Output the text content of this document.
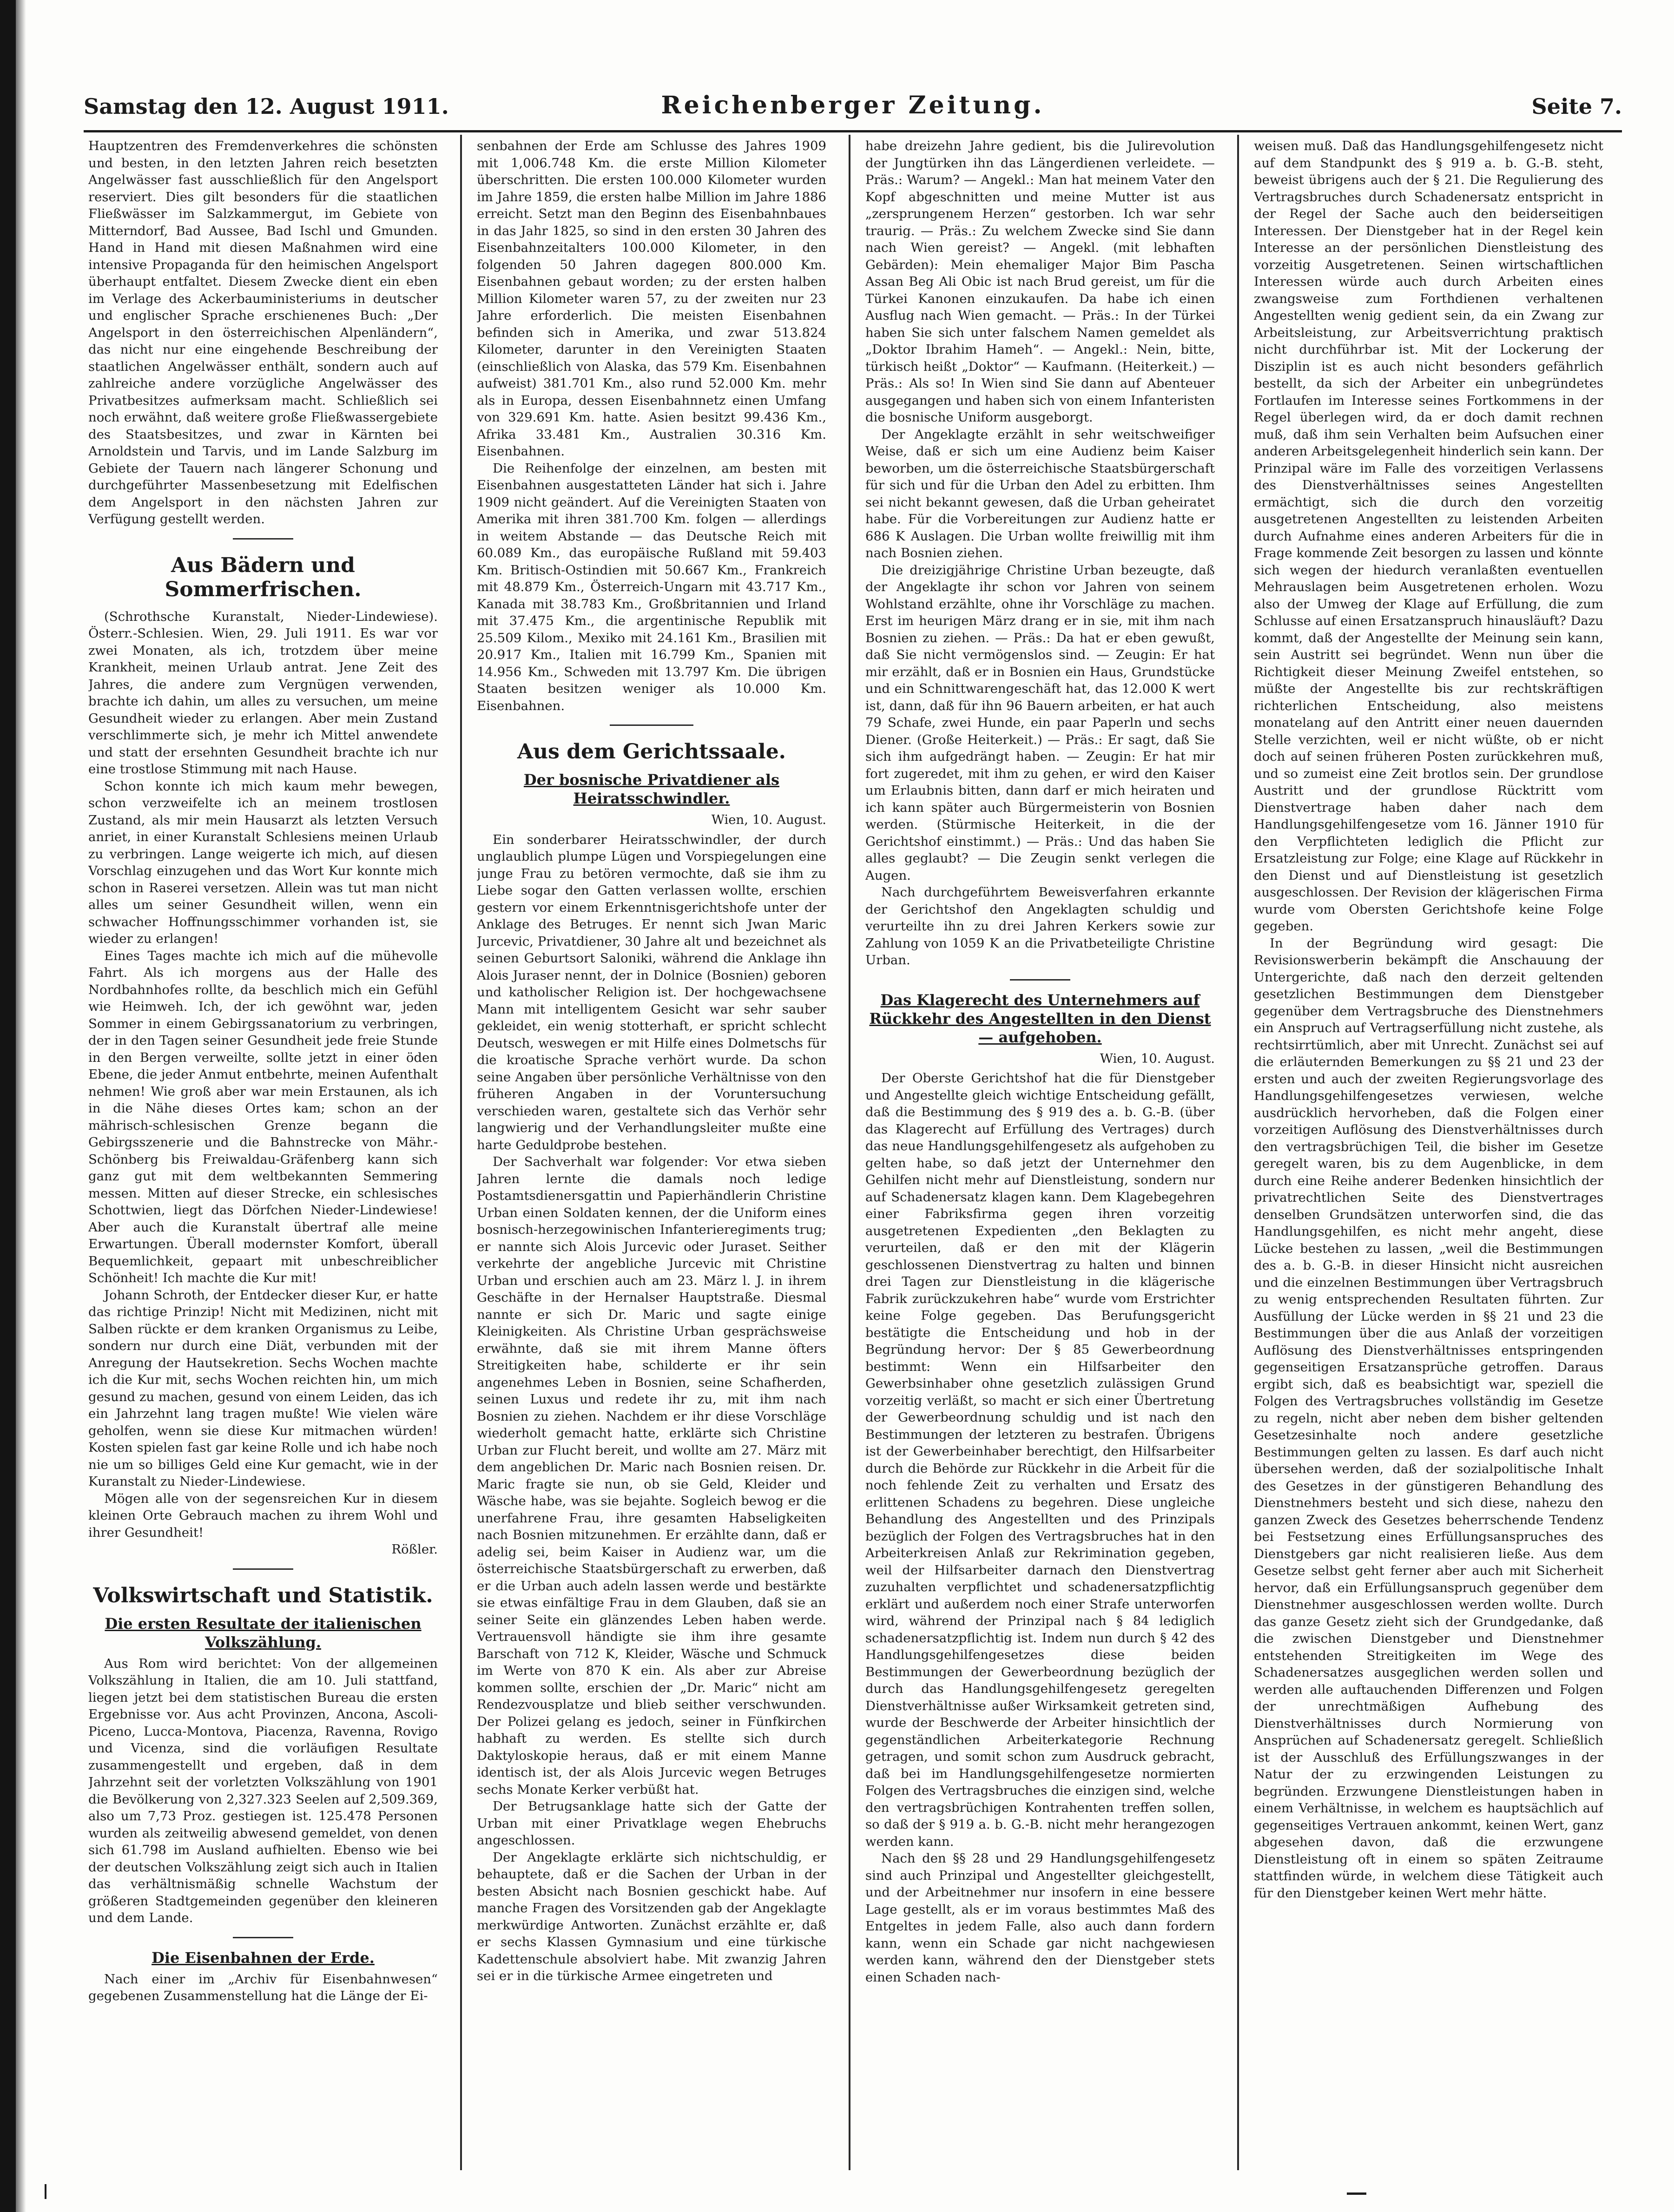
Samstag den 12. August 1911.	Reichenberger Zeitung.	Seite 7.

Hauptzentren des Fremdenverkehres die schönsten und besten, in den letzten Jahren reich besetzten Angelwässer fast ausschließlich für den Angelsport reserviert. Dies gilt besonders für die staatlichen Fließwässer im Salzkammergut, im Gebiete von Mitterndorf, Bad Aussee, Bad Ischl und Gmunden. Hand in Hand mit diesen Maßnahmen wird eine intensive Propaganda für den heimischen Angelsport überhaupt entfaltet. Diesem Zwecke dient ein eben im Verlage des Ackerbauministeriums in deutscher und englischer Sprache erschienenes Buch: „Der Angelsport in den österreichischen Alpenländern“, das nicht nur eine eingehende Beschreibung der staatlichen Angelwässer enthält, sondern auch auf zahlreiche andere vorzügliche Angelwässer des Privatbesitzes aufmerksam macht. Schließlich sei noch erwähnt, daß weitere große Fließwassergebiete des Staatsbesitzes, und zwar in Kärnten bei Arnoldstein und Tarvis, und im Lande Salzburg im Gebiete der Tauern nach längerer Schonung und durchgeführter Massenbesetzung mit Edelfischen dem Angelsport in den nächsten Jahren zur Verfügung gestellt werden.

Aus Bädern und Sommerfrischen.

(Schrothsche Kuranstalt, Nieder-Lindewiese). Österr.-Schlesien. Wien, 29. Juli 1911. Es war vor zwei Monaten, als ich, trotzdem über meine Krankheit, meinen Urlaub antrat. Jene Zeit des Jahres, die andere zum Vergnügen verwenden, brachte ich dahin, um alles zu versuchen, um meine Gesundheit wieder zu erlangen. Aber mein Zustand verschlimmerte sich, je mehr ich Mittel anwendete und statt der ersehnten Gesundheit brachte ich nur eine trostlose Stimmung mit nach Hause.

Schon konnte ich mich kaum mehr bewegen, schon verzweifelte ich an meinem trostlosen Zustand, als mir mein Hausarzt als letzten Versuch anriet, in einer Kuranstalt Schlesiens meinen Urlaub zu verbringen. Lange weigerte ich mich, auf diesen Vorschlag einzugehen und das Wort Kur konnte mich schon in Raserei versetzen. Allein was tut man nicht alles um seiner Gesundheit willen, wenn ein schwacher Hoffnungsschimmer vorhanden ist, sie wieder zu erlangen!

Eines Tages machte ich mich auf die mühevolle Fahrt. Als ich morgens aus der Halle des Nordbahnhofes rollte, da beschlich mich ein Gefühl wie Heimweh. Ich, der ich gewöhnt war, jeden Sommer in einem Gebirgssanatorium zu verbringen, der in den Tagen seiner Gesundheit jede freie Stunde in den Bergen verweilte, sollte jetzt in einer öden Ebene, die jeder Anmut entbehrte, meinen Aufenthalt nehmen! Wie groß aber war mein Erstaunen, als ich in die Nähe dieses Ortes kam; schon an der mährisch-schlesischen Grenze begann die Gebirgsszenerie und die Bahnstrecke von Mähr.-Schönberg bis Freiwaldau-Gräfenberg kann sich ganz gut mit dem weltbekannten Semmering messen. Mitten auf dieser Strecke, ein schlesisches Schottwien, liegt das Dörfchen Nieder-Lindewiese! Aber auch die Kuranstalt übertraf alle meine Erwartungen. Überall modernster Komfort, überall Bequemlichkeit, gepaart mit unbeschreiblicher Schönheit! Ich machte die Kur mit!

Johann Schroth, der Entdecker dieser Kur, er hatte das richtige Prinzip! Nicht mit Medizinen, nicht mit Salben rückte er dem kranken Organismus zu Leibe, sondern nur durch eine Diät, verbunden mit der Anregung der Hautsekretion. Sechs Wochen machte ich die Kur mit, sechs Wochen reichten hin, um mich gesund zu machen, gesund von einem Leiden, das ich ein Jahrzehnt lang tragen mußte! Wie vielen wäre geholfen, wenn sie diese Kur mitmachen würden! Kosten spielen fast gar keine Rolle und ich habe noch nie um so billiges Geld eine Kur gemacht, wie in der Kuranstalt zu Nieder-Lindewiese.

Mögen alle von der segensreichen Kur in diesem kleinen Orte Gebrauch machen zu ihrem Wohl und ihrer Gesundheit!

Rößler.

Volkswirtschaft und Statistik.
Die ersten Resultate der italienischen Volkszählung.

Aus Rom wird berichtet: Von der allgemeinen Volkszählung in Italien, die am 10. Juli stattfand, liegen jetzt bei dem statistischen Bureau die ersten Ergebnisse vor. Aus acht Provinzen, Ancona, Ascoli-Piceno, Lucca-Montova, Piacenza, Ravenna, Rovigo und Vicenza, sind die vorläufigen Resultate zusammengestellt und ergeben, daß in dem Jahrzehnt seit der vorletzten Volkszählung von 1901 die Bevölkerung von 2,327.323 Seelen auf 2,509.369, also um 7,73 Proz. gestiegen ist. 125.478 Personen wurden als zeitweilig abwesend gemeldet, von denen sich 61.798 im Ausland aufhielten. Ebenso wie bei der deutschen Volkszählung zeigt sich auch in Italien das verhältnismäßig schnelle Wachstum der größeren Stadtgemeinden gegenüber den kleineren und dem Lande.

Die Eisenbahnen der Erde.

Nach einer im „Archiv für Eisenbahnwesen“ gegebenen Zusammenstellung hat die Länge der Ei-

senbahnen der Erde am Schlusse des Jahres 1909 mit 1,006.748 Km. die erste Million Kilometer überschritten. Die ersten 100.000 Kilometer wurden im Jahre 1859, die ersten halbe Million im Jahre 1886 erreicht. Setzt man den Beginn des Eisenbahnbaues in das Jahr 1825, so sind in den ersten 30 Jahren des Eisenbahnzeitalters 100.000 Kilometer, in den folgenden 50 Jahren dagegen 800.000 Km. Eisenbahnen gebaut worden; zu der ersten halben Million Kilometer waren 57, zu der zweiten nur 23 Jahre erforderlich. Die meisten Eisenbahnen befinden sich in Amerika, und zwar 513.824 Kilometer, darunter in den Vereinigten Staaten (einschließlich von Alaska, das 579 Km. Eisenbahnen aufweist) 381.701 Km., also rund 52.000 Km. mehr als in Europa, dessen Eisenbahnnetz einen Umfang von 329.691 Km. hatte. Asien besitzt 99.436 Km., Afrika 33.481 Km., Australien 30.316 Km. Eisenbahnen.

Die Reihenfolge der einzelnen, am besten mit Eisenbahnen ausgestatteten Länder hat sich i. Jahre 1909 nicht geändert. Auf die Vereinigten Staaten von Amerika mit ihren 381.700 Km. folgen — allerdings in weitem Abstande — das Deutsche Reich mit 60.089 Km., das europäische Rußland mit 59.403 Km. Britisch-Ostindien mit 50.667 Km., Frankreich mit 48.879 Km., Österreich-Ungarn mit 43.717 Km., Kanada mit 38.783 Km., Großbritannien und Irland mit 37.475 Km., die argentinische Republik mit 25.509 Kilom., Mexiko mit 24.161 Km., Brasilien mit 20.917 Km., Italien mit 16.799 Km., Spanien mit 14.956 Km., Schweden mit 13.797 Km. Die übrigen Staaten besitzen weniger als 10.000 Km. Eisenbahnen.

Aus dem Gerichtssaale.
Der bosnische Privatdiener als Heiratsschwindler.

Wien, 10. August.

Ein sonderbarer Heiratsschwindler, der durch unglaublich plumpe Lügen und Vorspiegelungen eine junge Frau zu betören vermochte, daß sie ihm zu Liebe sogar den Gatten verlassen wollte, erschien gestern vor einem Erkenntnisgerichtshofe unter der Anklage des Betruges. Er nennt sich Jwan Maric Jurcevic, Privatdiener, 30 Jahre alt und bezeichnet als seinen Geburtsort Saloniki, während die Anklage ihn Alois Juraser nennt, der in Dolnice (Bosnien) geboren und katholischer Religion ist. Der hochgewachsene Mann mit intelligentem Gesicht war sehr sauber gekleidet, ein wenig stotterhaft, er spricht schlecht Deutsch, weswegen er mit Hilfe eines Dolmetschs für die kroatische Sprache verhört wurde. Da schon seine Angaben über persönliche Verhältnisse von den früheren Angaben in der Voruntersuchung verschieden waren, gestaltete sich das Verhör sehr langwierig und der Verhandlungsleiter mußte eine harte Geduldprobe bestehen.

Der Sachverhalt war folgender: Vor etwa sieben Jahren lernte die damals noch ledige Postamtsdienersgattin und Papierhändlerin Christine Urban einen Soldaten kennen, der die Uniform eines bosnisch-herzegowinischen Infanterieregiments trug; er nannte sich Alois Jurcevic oder Juraset. Seither verkehrte der angebliche Jurcevic mit Christine Urban und erschien auch am 23. März l. J. in ihrem Geschäfte in der Hernalser Hauptstraße. Diesmal nannte er sich Dr. Maric und sagte einige Kleinigkeiten. Als Christine Urban gesprächsweise erwähnte, daß sie mit ihrem Manne öfters Streitigkeiten habe, schilderte er ihr sein angenehmes Leben in Bosnien, seine Schafherden, seinen Luxus und redete ihr zu, mit ihm nach Bosnien zu ziehen. Nachdem er ihr diese Vorschläge wiederholt gemacht hatte, erklärte sich Christine Urban zur Flucht bereit, und wollte am 27. März mit dem angeblichen Dr. Maric nach Bosnien reisen. Dr. Maric fragte sie nun, ob sie Geld, Kleider und Wäsche habe, was sie bejahte. Sogleich bewog er die unerfahrene Frau, ihre gesamten Habseligkeiten nach Bosnien mitzunehmen. Er erzählte dann, daß er adelig sei, beim Kaiser in Audienz war, um die österreichische Staatsbürgerschaft zu erwerben, daß er die Urban auch adeln lassen werde und bestärkte sie etwas einfältige Frau in dem Glauben, daß sie an seiner Seite ein glänzendes Leben haben werde. Vertrauensvoll händigte sie ihm ihre gesamte Barschaft von 712 K, Kleider, Wäsche und Schmuck im Werte von 870 K ein. Als aber zur Abreise kommen sollte, erschien der „Dr. Maric“ nicht am Rendezvousplatze und blieb seither verschwunden. Der Polizei gelang es jedoch, seiner in Fünfkirchen habhaft zu werden. Es stellte sich durch Daktyloskopie heraus, daß er mit einem Manne identisch ist, der als Alois Jurcevic wegen Betruges sechs Monate Kerker verbüßt hat.

Der Betrugsanklage hatte sich der Gatte der Urban mit einer Privatklage wegen Ehebruchs angeschlossen.

Der Angeklagte erklärte sich nichtschuldig, er behauptete, daß er die Sachen der Urban in der besten Absicht nach Bosnien geschickt habe. Auf manche Fragen des Vorsitzenden gab der Angeklagte merkwürdige Antworten. Zunächst erzählte er, daß er sechs Klassen Gymnasium und eine türkische Kadettenschule absolviert habe. Mit zwanzig Jahren sei er in die türkische Armee eingetreten und

habe dreizehn Jahre gedient, bis die Julirevolution der Jungtürken ihn das Längerdienen verleidete. — Präs.: Warum? — Angekl.: Man hat meinem Vater den Kopf abgeschnitten und meine Mutter ist aus „zersprungenem Herzen“ gestorben. Ich war sehr traurig. — Präs.: Zu welchem Zwecke sind Sie dann nach Wien gereist? — Angekl. (mit lebhaften Gebärden): Mein ehemaliger Major Bim Pascha Assan Beg Ali Obic ist nach Brud gereist, um für die Türkei Kanonen einzukaufen. Da habe ich einen Ausflug nach Wien gemacht. — Präs.: In der Türkei haben Sie sich unter falschem Namen gemeldet als „Doktor Ibrahim Hameh“. — Angekl.: Nein, bitte, türkisch heißt „Doktor“ — Kaufmann. (Heiterkeit.) — Präs.: Als so! In Wien sind Sie dann auf Abenteuer ausgegangen und haben sich von einem Infanteristen die bosnische Uniform ausgeborgt.

Der Angeklagte erzählt in sehr weitschweifiger Weise, daß er sich um eine Audienz beim Kaiser beworben, um die österreichische Staatsbürgerschaft für sich und für die Urban den Adel zu erbitten. Ihm sei nicht bekannt gewesen, daß die Urban geheiratet habe. Für die Vorbereitungen zur Audienz hatte er 686 K Auslagen. Die Urban wollte freiwillig mit ihm nach Bosnien ziehen.

Die dreizigjährige Christine Urban bezeugte, daß der Angeklagte ihr schon vor Jahren von seinem Wohlstand erzählte, ohne ihr Vorschläge zu machen. Erst im heurigen März drang er in sie, mit ihm nach Bosnien zu ziehen. — Präs.: Da hat er eben gewußt, daß Sie nicht vermögenslos sind. — Zeugin: Er hat mir erzählt, daß er in Bosnien ein Haus, Grundstücke und ein Schnittwarengeschäft hat, das 12.000 K wert ist, dann, daß für ihn 96 Bauern arbeiten, er hat auch 79 Schafe, zwei Hunde, ein paar Paperln und sechs Diener. (Große Heiterkeit.) — Präs.: Er sagt, daß Sie sich ihm aufgedrängt haben. — Zeugin: Er hat mir fort zugeredet, mit ihm zu gehen, er wird den Kaiser um Erlaubnis bitten, dann darf er mich heiraten und ich kann später auch Bürgermeisterin von Bosnien werden. (Stürmische Heiterkeit, in die der Gerichtshof einstimmt.) — Präs.: Und das haben Sie alles geglaubt? — Die Zeugin senkt verlegen die Augen.

Nach durchgeführtem Beweisverfahren erkannte der Gerichtshof den Angeklagten schuldig und verurteilte ihn zu drei Jahren Kerkers sowie zur Zahlung von 1059 K an die Privatbeteiligte Christine Urban.

Das Klagerecht des Unternehmers auf Rückkehr des Angestellten in den Dienst — aufgehoben.

Wien, 10. August.

Der Oberste Gerichtshof hat die für Dienstgeber und Angestellte gleich wichtige Entscheidung gefällt, daß die Bestimmung des § 919 des a. b. G.-B. (über das Klagerecht auf Erfüllung des Vertrages) durch das neue Handlungsgehilfengesetz als aufgehoben zu gelten habe, so daß jetzt der Unternehmer den Gehilfen nicht mehr auf Dienstleistung, sondern nur auf Schadenersatz klagen kann. Dem Klagebegehren einer Fabriksfirma gegen ihren vorzeitig ausgetretenen Expedienten „den Beklagten zu verurteilen, daß er den mit der Klägerin geschlossenen Dienstvertrag zu halten und binnen drei Tagen zur Dienstleistung in die klägerische Fabrik zurückzukehren habe“ wurde vom Erstrichter keine Folge gegeben. Das Berufungsgericht bestätigte die Entscheidung und hob in der Begründung hervor: Der § 85 Gewerbeordnung bestimmt: Wenn ein Hilfsarbeiter den Gewerbsinhaber ohne gesetzlich zulässigen Grund vorzeitig verläßt, so macht er sich einer Übertretung der Gewerbeordnung schuldig und ist nach den Bestimmungen der letzteren zu bestrafen. Übrigens ist der Gewerbeinhaber berechtigt, den Hilfsarbeiter durch die Behörde zur Rückkehr in die Arbeit für die noch fehlende Zeit zu verhalten und Ersatz des erlittenen Schadens zu begehren. Diese ungleiche Behandlung des Angestellten und des Prinzipals bezüglich der Folgen des Vertragsbruches hat in den Arbeiterkreisen Anlaß zur Rekrimination gegeben, weil der Hilfsarbeiter darnach den Dienstvertrag zuzuhalten verpflichtet und schadenersatzpflichtig erklärt und außerdem noch einer Strafe unterworfen wird, während der Prinzipal nach § 84 lediglich schadenersatzpflichtig ist. Indem nun durch § 42 des Handlungsgehilfengesetzes diese beiden Bestimmungen der Gewerbeordnung bezüglich der durch das Handlungsgehilfengesetz geregelten Dienstverhältnisse außer Wirksamkeit getreten sind, wurde der Beschwerde der Arbeiter hinsichtlich der gegenständlichen Arbeiterkategorie Rechnung getragen, und somit schon zum Ausdruck gebracht, daß bei im Handlungsgehilfengesetze normierten Folgen des Vertragsbruches die einzigen sind, welche den vertragsbrüchigen Kontrahenten treffen sollen, so daß der § 919 a. b. G.-B. nicht mehr herangezogen werden kann.

Nach den §§ 28 und 29 Handlungsgehilfengesetz sind auch Prinzipal und Angestellter gleichgestellt, und der Arbeitnehmer nur insofern in eine bessere Lage gestellt, als er im voraus bestimmtes Maß des Entgeltes in jedem Falle, also auch dann fordern kann, wenn ein Schade gar nicht nachgewiesen werden kann, während den der Dienstgeber stets einen Schaden nach-

weisen muß. Daß das Handlungsgehilfengesetz nicht auf dem Standpunkt des § 919 a. b. G.-B. steht, beweist übrigens auch der § 21. Die Regulierung des Vertragsbruches durch Schadenersatz entspricht in der Regel der Sache auch den beiderseitigen Interessen. Der Dienstgeber hat in der Regel kein Interesse an der persönlichen Dienstleistung des vorzeitig Ausgetretenen. Seinen wirtschaftlichen Interessen würde auch durch Arbeiten eines zwangsweise zum Forthdienen verhaltenen Angestellten wenig gedient sein, da ein Zwang zur Arbeitsleistung, zur Arbeitsverrichtung praktisch nicht durchführbar ist. Mit der Lockerung der Disziplin ist es auch nicht besonders gefährlich bestellt, da sich der Arbeiter ein unbegründetes Fortlaufen im Interesse seines Fortkommens in der Regel überlegen wird, da er doch damit rechnen muß, daß ihm sein Verhalten beim Aufsuchen einer anderen Arbeitsgelegenheit hinderlich sein kann. Der Prinzipal wäre im Falle des vorzeitigen Verlassens des Dienstverhältnisses seines Angestellten ermächtigt, sich die durch den vorzeitig ausgetretenen Angestellten zu leistenden Arbeiten durch Aufnahme eines anderen Arbeiters für die in Frage kommende Zeit besorgen zu lassen und könnte sich wegen der hiedurch veranlaßten eventuellen Mehrauslagen beim Ausgetretenen erholen. Wozu also der Umweg der Klage auf Erfüllung, die zum Schlusse auf einen Ersatzanspruch hinausläuft? Dazu kommt, daß der Angestellte der Meinung sein kann, sein Austritt sei begründet. Wenn nun über die Richtigkeit dieser Meinung Zweifel entstehen, so müßte der Angestellte bis zur rechtskräftigen richterlichen Entscheidung, also meistens monatelang auf den Antritt einer neuen dauernden Stelle verzichten, weil er nicht wüßte, ob er nicht doch auf seinen früheren Posten zurückkehren muß, und so zumeist eine Zeit brotlos sein. Der grundlose Austritt und der grundlose Rücktritt vom Dienstvertrage haben daher nach dem Handlungsgehilfengesetze vom 16. Jänner 1910 für den Verpflichteten lediglich die Pflicht zur Ersatzleistung zur Folge; eine Klage auf Rückkehr in den Dienst und auf Dienstleistung ist gesetzlich ausgeschlossen. Der Revision der klägerischen Firma wurde vom Obersten Gerichtshofe keine Folge gegeben.

In der Begründung wird gesagt: Die Revisionswerberin bekämpft die Anschauung der Untergerichte, daß nach den derzeit geltenden gesetzlichen Bestimmungen dem Dienstgeber gegenüber dem Vertragsbruche des Dienstnehmers ein Anspruch auf Vertragserfüllung nicht zustehe, als rechtsirrtümlich, aber mit Unrecht. Zunächst sei auf die erläuternden Bemerkungen zu §§ 21 und 23 der ersten und auch der zweiten Regierungsvorlage des Handlungsgehilfengesetzes verwiesen, welche ausdrücklich hervorheben, daß die Folgen einer vorzeitigen Auflösung des Dienstverhältnisses durch den vertragsbrüchigen Teil, die bisher im Gesetze geregelt waren, bis zu dem Augenblicke, in dem durch eine Reihe anderer Bedenken hinsichtlich der privatrechtlichen Seite des Dienstvertrages denselben Grundsätzen unterworfen sind, die das Handlungsgehilfen, es nicht mehr angeht, diese Lücke bestehen zu lassen, „weil die Bestimmungen des a. b. G.-B. in dieser Hinsicht nicht ausreichen und die einzelnen Bestimmungen über Vertragsbruch zu wenig entsprechenden Resultaten führten. Zur Ausfüllung der Lücke werden in §§ 21 und 23 die Bestimmungen über die aus Anlaß der vorzeitigen Auflösung des Dienstverhältnisses entspringenden gegenseitigen Ersatzansprüche getroffen. Daraus ergibt sich, daß es beabsichtigt war, speziell die Folgen des Vertragsbruches vollständig im Gesetze zu regeln, nicht aber neben dem bisher geltenden Gesetzesinhalte noch andere gesetzliche Bestimmungen gelten zu lassen. Es darf auch nicht übersehen werden, daß der sozialpolitische Inhalt des Gesetzes in der günstigeren Behandlung des Dienstnehmers besteht und sich diese, nahezu den ganzen Zweck des Gesetzes beherrschende Tendenz bei Festsetzung eines Erfüllungsanspruches des Dienstgebers gar nicht realisieren ließe. Aus dem Gesetze selbst geht ferner aber auch mit Sicherheit hervor, daß ein Erfüllungsanspruch gegenüber dem Dienstnehmer ausgeschlossen werden wollte. Durch das ganze Gesetz zieht sich der Grundgedanke, daß die zwischen Dienstgeber und Dienstnehmer entstehenden Streitigkeiten im Wege des Schadenersatzes ausgeglichen werden sollen und werden alle auftauchenden Differenzen und Folgen der unrechtmäßigen Aufhebung des Dienstverhältnisses durch Normierung von Ansprüchen auf Schadenersatz geregelt. Schließlich ist der Ausschluß des Erfüllungszwanges in der Natur der zu erzwingenden Leistungen zu begründen. Erzwungene Dienstleistungen haben in einem Verhältnisse, in welchem es hauptsächlich auf gegenseitiges Vertrauen ankommt, keinen Wert, ganz abgesehen davon, daß die erzwungene Dienstleistung oft in einem so späten Zeitraume stattfinden würde, in welchem diese Tätigkeit auch für den Dienstgeber keinen Wert mehr hätte.
